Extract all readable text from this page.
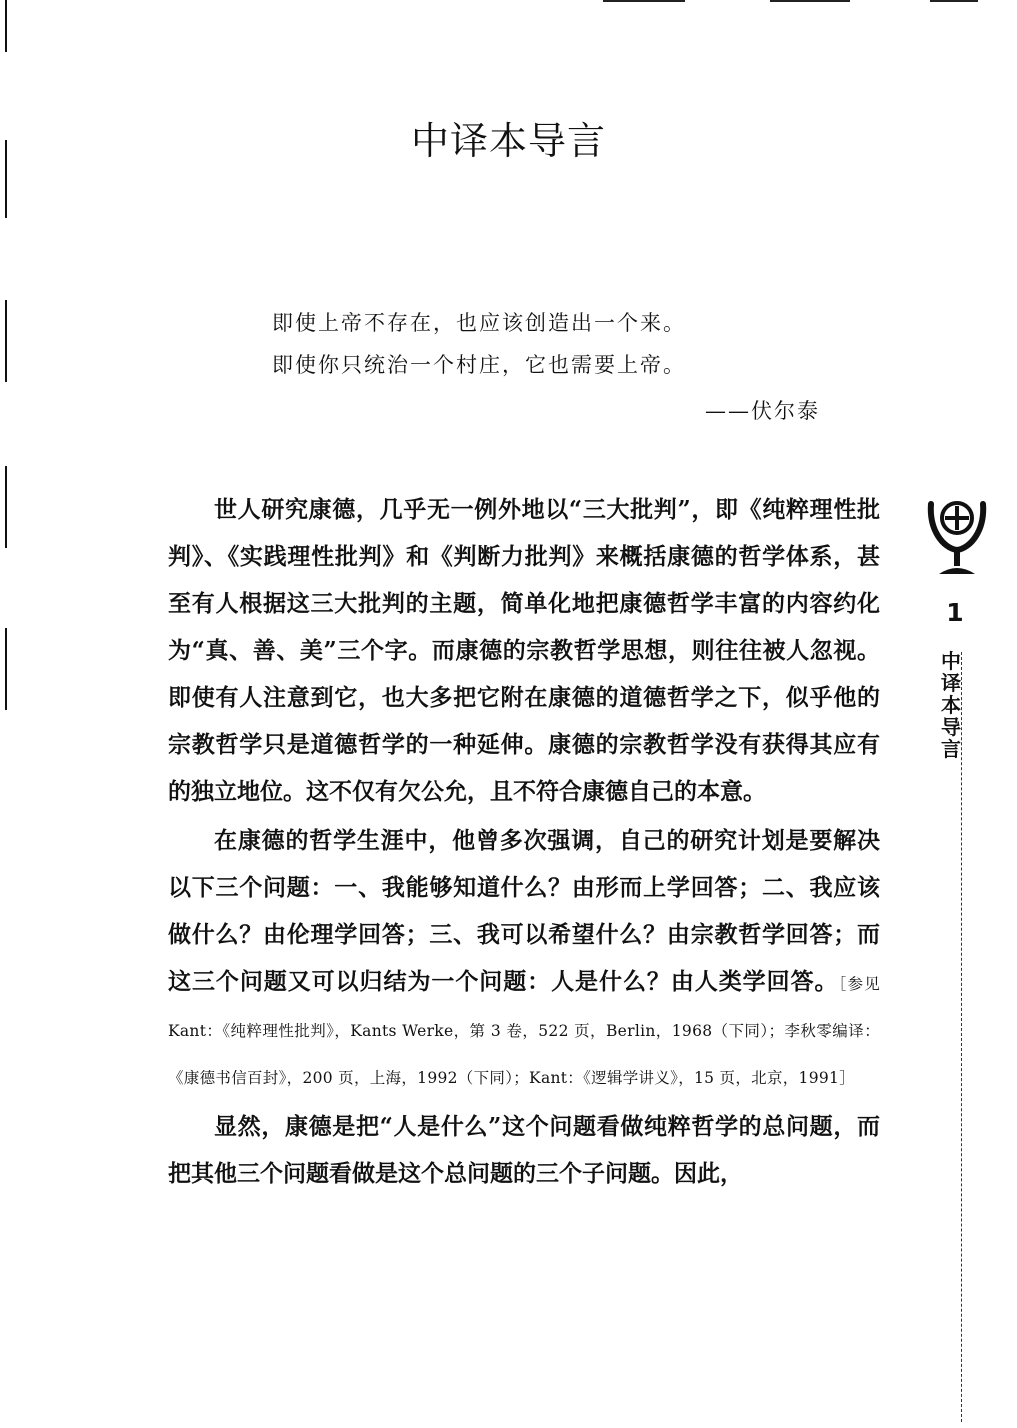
中译本导言
即使上帝不存在，也应该创造出一个来。
即使你只统治一个村庄，它也需要上帝。
——伏尔泰

世人研究康德，几乎无一例外地以“三大批判”，即《纯粹理性批判》、《实践理性批判》和《判断力批判》来概括康德的哲学体系，甚至有人根据这三大批判的主题，简单化地把康德哲学丰富的内容约化为“真、善、美”三个字。而康德的宗教哲学思想，则往往被人忽视。即使有人注意到它，也大多把它附在康德的道德哲学之下，似乎他的宗教哲学只是道德哲学的一种延伸。康德的宗教哲学没有获得其应有的独立地位。这不仅有欠公允，且不符合康德自己的本意。

在康德的哲学生涯中，他曾多次强调，自己的研究计划是要解决以下三个问题：一、我能够知道什么？由形而上学回答；二、我应该做什么？由伦理学回答；三、我可以希望什么？由宗教哲学回答；而这三个问题又可以归结为一个问题：人是什么？由人类学回答。［参见 Kant：《纯粹理性批判》，Kants Werke，第 3 卷，522 页，Berlin，1968（下同）；李秋零编译：《康德书信百封》，200 页，上海，1992（下同）；Kant：《逻辑学讲义》，15 页，北京，1991］

显然，康德是把“人是什么”这个问题看做纯粹哲学的总问题，而把其他三个问题看做是这个总问题的三个子问题。因此，

1
中译本导言
